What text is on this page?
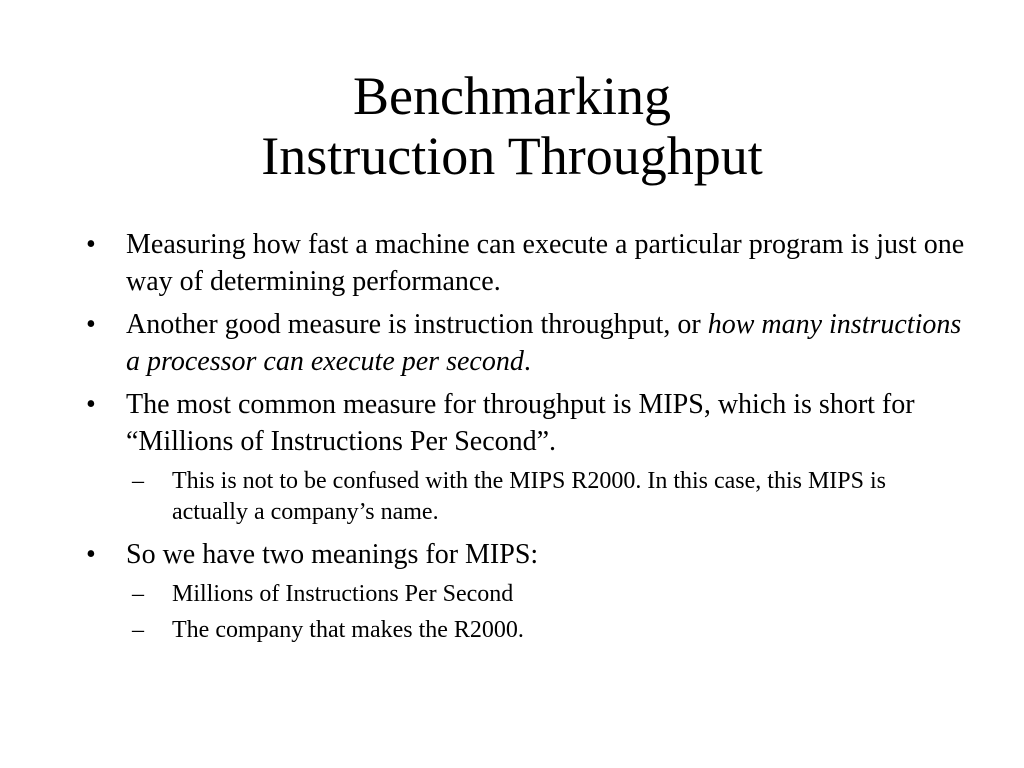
Benchmarking
Instruction Throughput
• Measuring how fast a machine can execute a particular program is just one way of determining performance.
• Another good measure is instruction throughput, or how many instructions a processor can execute per second.
• The most common measure for throughput is MIPS, which is short for “Millions of Instructions Per Second”.
– This is not to be confused with the MIPS R2000. In this case, this MIPS is actually a company’s name.
• So we have two meanings for MIPS:
– Millions of Instructions Per Second
– The company that makes the R2000.
